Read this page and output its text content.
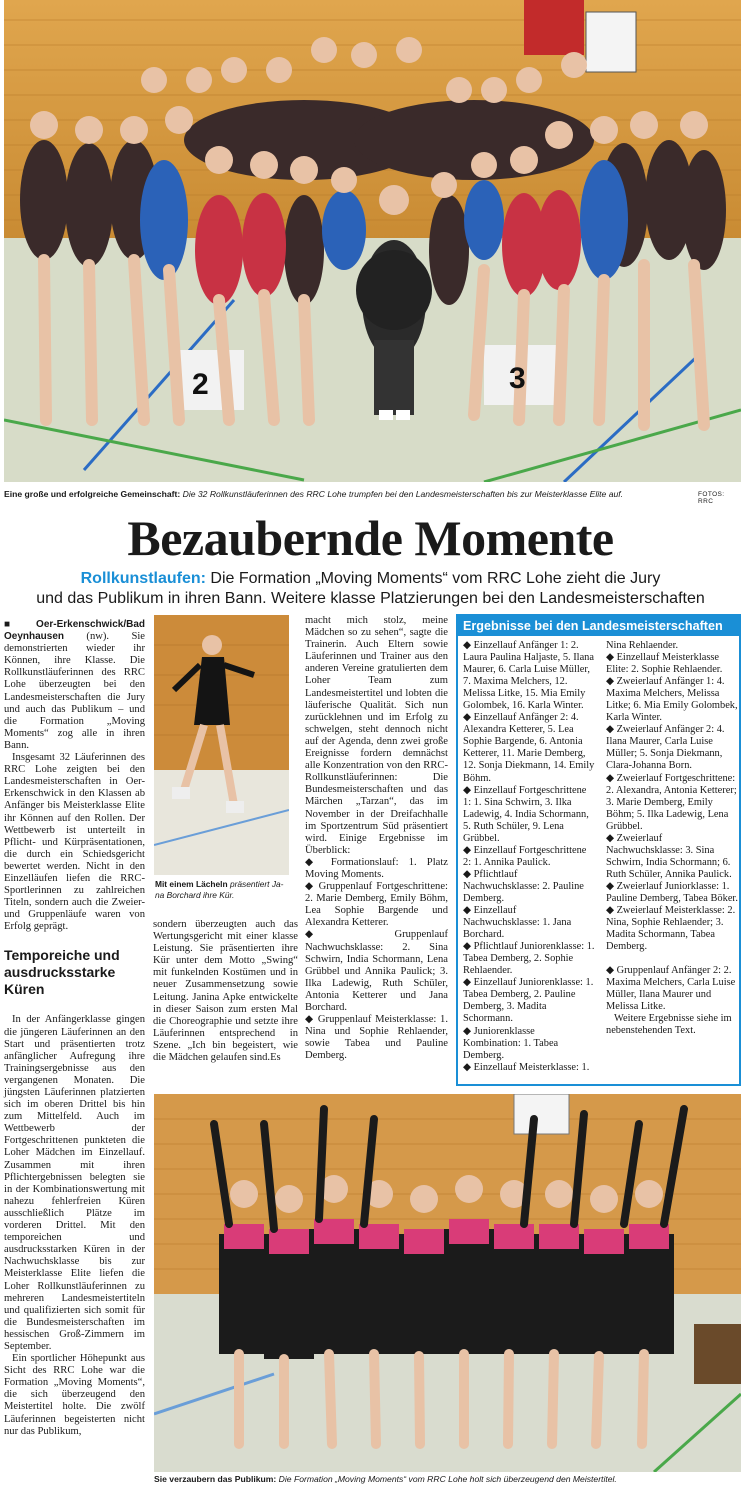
2	3
Eine große und erfolgreiche Gemeinschaft: Die 32 Rollkunstläuferinnen des RRC Lohe trumpfen bei den Landesmeisterschaften bis zur Meisterklasse Elite auf.	FOTOS: RRC
Bezaubernde Momente
Rollkunstlaufen: Die Formation „Moving Moments“ vom RRC Lohe zieht die Jury
und das Publikum in ihren Bann. Weitere klasse Platzierungen bei den Landesmeisterschaften

■ Oer-Erkenschwick/Bad Oeynhausen (nw). Sie demonstrierten wieder ihr Können, ihre Klasse. Die Rollkunstläuferinnen des RRC Lohe überzeugten bei den Landesmeisterschaften die Jury und auch das Publikum – und die Formation „Moving Moments“ zog alle in ihren Bann.

Insgesamt 32 Läuferinnen des RRC Lohe zeigten bei den Landesmeisterschaften in Oer-Erkenschwick in den Klassen ab Anfänger bis Meisterklasse Elite ihr Können auf den Rollen. Der Wettbewerb ist unterteilt in Pflicht- und Kürpräsentationen, die durch ein Schiedsgericht bewertet werden. Nicht in den Einzelläufen liefen die RRC-Sportlerinnen zu zahlreichen Titeln, sondern auch die Zweier- und Gruppenläufe waren von Erfolg geprägt.

Temporeiche und ausdrucksstarke Küren

In der Anfängerklasse gingen die jüngeren Läuferinnen an den Start und präsentierten trotz anfänglicher Aufregung ihre Trainingsergebnisse aus den vergangenen Monaten. Die jüngsten Läuferinnen platzierten sich im oberen Drittel bis hin zum Mittelfeld. Auch im Wettbewerb der Fortgeschrittenen punkteten die Loher Mädchen im Einzellauf. Zusammen mit ihren Pflichtergebnissen belegten sie in der Kombinationswertung mit nahezu fehlerfreien Küren ausschließlich Plätze im vorderen Drittel. Mit den temporeichen und ausdrucksstarken Küren in der Nachwuchsklasse bis zur Meisterklasse Elite liefen die Loher Rollkunstläuferinnen zu mehreren Landesmeistertiteln und qualifizierten sich somit für die Bundesmeisterschaften im hessischen Groß-Zimmern im September.

Ein sportlicher Höhepunkt aus Sicht des RRC Lohe war die Formation „Moving Moments“, die sich überzeugend den Meistertitel holte. Die zwölf Läuferinnen begeisterten nicht nur das Publikum,

Mit einem Lächeln präsentiert Ja-
na Borchard ihre Kür.

sondern überzeugten auch das Wertungsgericht mit einer klasse Leistung. Sie präsentierten ihre Kür unter dem Motto „Swing“ mit funkelnden Kostümen und in neuer Zusammensetzung sowie Leitung. Janina Apke entwickelte in dieser Saison zum ersten Mal die Choreographie und setzte ihre Läuferinnen entsprechend in Szene. „Ich bin begeistert, wie die Mädchen gelaufen sind.Es

macht mich stolz, meine Mädchen so zu sehen“, sagte die Trainerin. Auch Eltern sowie Läuferinnen und Trainer aus den anderen Vereine gratulierten dem Loher Team zum Landesmeistertitel und lobten die läuferische Qualität. Sich nun zurücklehnen und im Erfolg zu schwelgen, steht dennoch nicht auf der Agenda, denn zwei große Ereignisse fordern demnächst alle Konzentration von den RRC-Rollkunstläuferinnen: Die Bundesmeisterschaften und das Märchen „Tarzan“, das im November in der Dreifachhalle im Sportzentrum Süd präsentiert wird. Einige Ergebnisse im Überblick:

◆ Formationslauf: 1. Platz Moving Moments.

◆ Gruppenlauf Fortgeschrittene: 2. Marie Demberg, Emily Böhm, Lea Sophie Bargende und Alexandra Ketterer.

◆ Gruppenlauf Nachwuchsklasse: 2. Sina Schwirn, India Schormann, Lena Grübbel und Annika Paulick; 3. Ilka Ladewig, Ruth Schüler, Antonia Ketterer und Jana Borchard.

◆ Gruppenlauf Meisterklasse: 1. Nina und Sophie Rehlaender, sowie Tabea und Pauline Demberg.

Ergebnisse bei den Landesmeisterschaften

◆ Einzellauf Anfänger 1: 2. Laura Paulina Haljaste, 5. Ilana Maurer, 6. Carla Luise Müller, 7. Maxima Melchers, 12. Melissa Litke, 15. Mia Emily Golombek, 16. Karla Winter.

◆ Einzellauf Anfänger 2: 4. Alexandra Ketterer, 5. Lea Sophie Bargende, 6. Antonia Ketterer, 11. Marie Demberg, 12. Sonja Diekmann, 14. Emily Böhm.

◆ Einzellauf Fortgeschrittene 1: 1. Sina Schwirn, 3. Ilka Ladewig, 4. India Schormann, 5. Ruth Schüler, 9. Lena Grübbel.

◆ Einzellauf Fortgeschrittene 2: 1. Annika Paulick.

◆ Pflichtlauf Nachwuchsklasse: 2. Pauline Demberg.

◆ Einzellauf Nachwuchsklasse: 1. Jana Borchard.

◆ Pflichtlauf Juniorenklasse: 1. Tabea Demberg, 2. Sophie Rehlaender.

◆ Einzellauf Juniorenklasse: 1. Tabea Demberg, 2. Pauline Demberg, 3. Madita Schormann.

◆ Juniorenklasse Kombination: 1. Tabea Demberg.

◆ Einzellauf Meisterklasse: 1.

Nina Rehlaender.

◆ Einzellauf Meisterklasse Elite: 2. Sophie Rehlaender.

◆ Zweierlauf Anfänger 1: 4. Maxima Melchers, Melissa Litke; 6. Mia Emily Golombek, Karla Winter.

◆ Zweierlauf Anfänger 2: 4. Ilana Maurer, Carla Luise Müller; 5. Sonja Diekmann, Clara-Johanna Born.

◆ Zweierlauf Fortgeschrittene: 2. Alexandra, Antonia Ketterer; 3. Marie Demberg, Emily Böhm; 5. Ilka Ladewig, Lena Grübbel.

◆ Zweierlauf Nachwuchsklasse: 3. Sina Schwirn, India Schormann; 6. Ruth Schüler, Annika Paulick.

◆ Zweierlauf Juniorklasse: 1. Pauline Demberg, Tabea Böker.

◆ Zweierlauf Meisterklasse: 2. Nina, Sophie Rehlaender; 3. Madita Schormann, Tabea Demberg.

◆ Gruppenlauf Anfänger 2: 2. Maxima Melchers, Carla Luise Müller, Ilana Maurer und Melissa Litke.

Weitere Ergebnisse siehe im nebenstehenden Text.

Sie verzaubern das Publikum: Die Formation „Moving Moments“ vom RRC Lohe holt sich überzeugend den Meistertitel.
